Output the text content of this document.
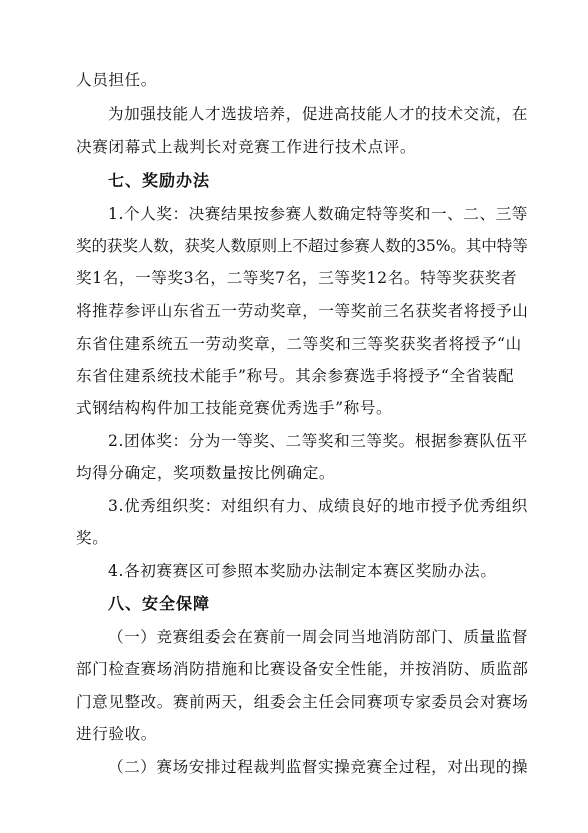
人员担任。
为加强技能人才选拔培养，促进高技能人才的技术交流，在
决赛闭幕式上裁判长对竞赛工作进行技术点评。
七、奖励办法
1.个人奖：决赛结果按参赛人数确定特等奖和一、二、三等
奖的获奖人数，获奖人数原则上不超过参赛人数的35%。其中特等
奖1名，一等奖3名，二等奖7名，三等奖12名。特等奖获奖者
将推荐参评山东省五一劳动奖章，一等奖前三名获奖者将授予山
东省住建系统五一劳动奖章，二等奖和三等奖获奖者将授予“山
东省住建系统技术能手”称号。其余参赛选手将授予“全省装配
式钢结构构件加工技能竞赛优秀选手”称号。
2.团体奖：分为一等奖、二等奖和三等奖。根据参赛队伍平
均得分确定，奖项数量按比例确定。
3.优秀组织奖：对组织有力、成绩良好的地市授予优秀组织
奖。
4.各初赛赛区可参照本奖励办法制定本赛区奖励办法。
八、安全保障
（一）竞赛组委会在赛前一周会同当地消防部门、质量监督
部门检查赛场消防措施和比赛设备安全性能，并按消防、质监部
门意见整改。赛前两天，组委会主任会同赛项专家委员会对赛场
进行验收。
（二）赛场安排过程裁判监督实操竞赛全过程，对出现的操
